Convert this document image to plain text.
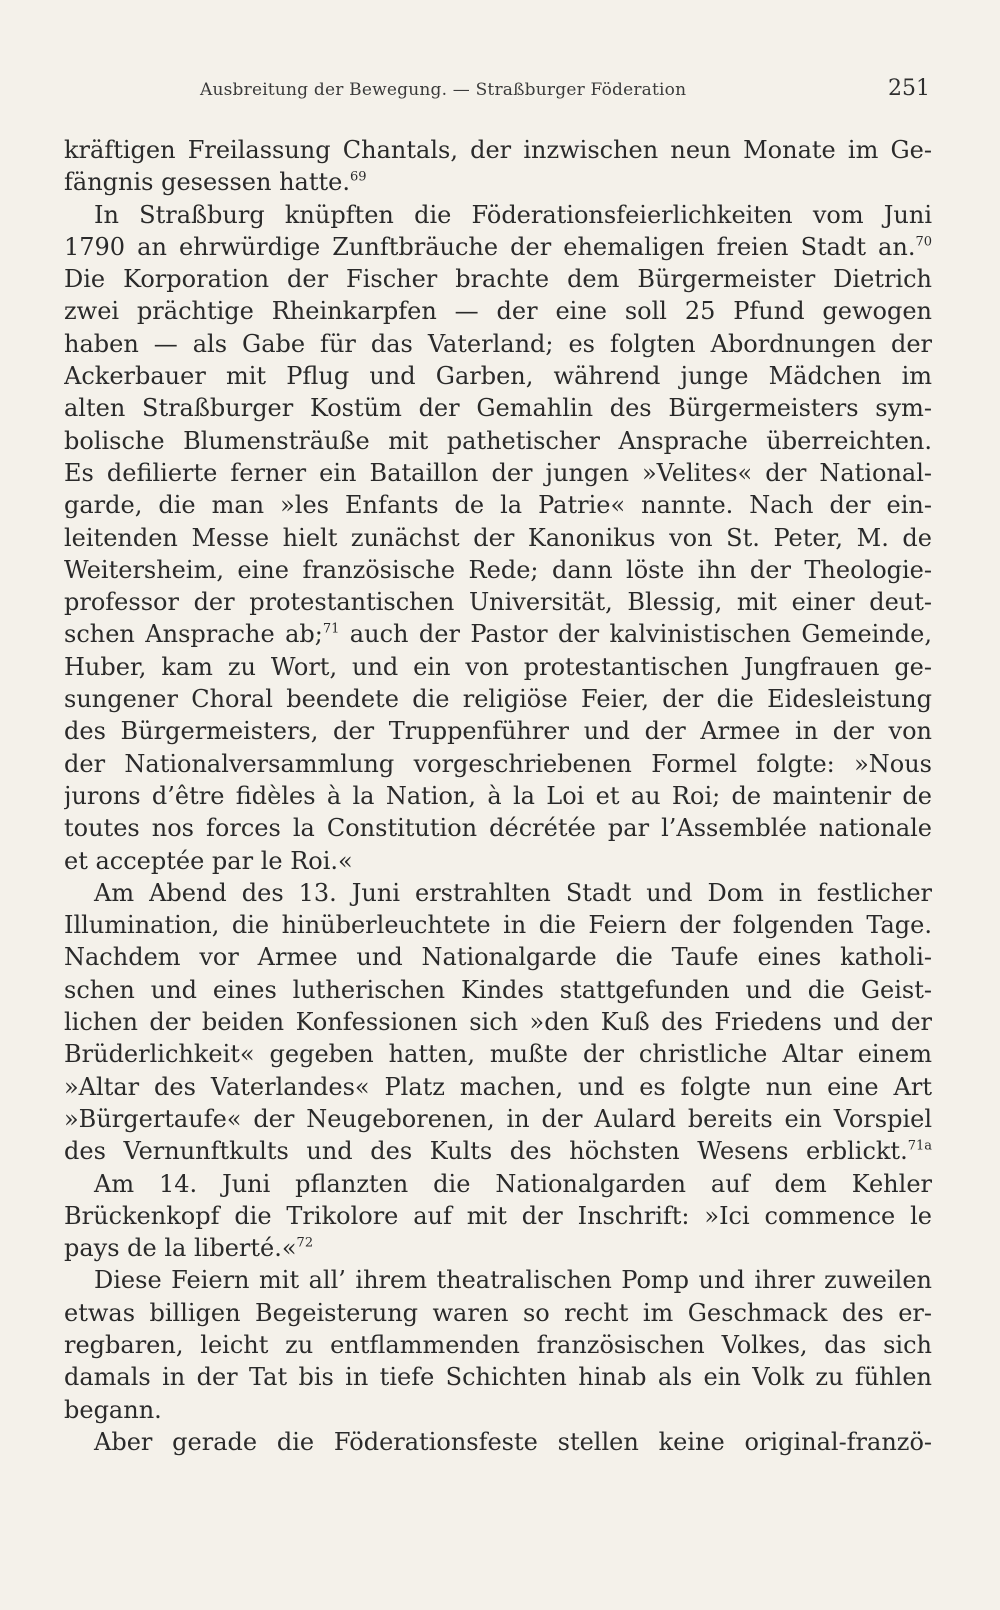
Ausbreitung der Bewegung. — Straßburger Föderation	251
kräftigen Freilassung Chantals, der inzwischen neun Monate im Ge-
fängnis gesessen hatte.$^{69}$
In Straßburg knüpften die Föderationsfeierlichkeiten vom Juni
1790 an ehrwürdige Zunftbräuche der ehemaligen freien Stadt an.$^{70}$
Die Korporation der Fischer brachte dem Bürgermeister Dietrich
zwei prächtige Rheinkarpfen — der eine soll 25 Pfund gewogen
haben — als Gabe für das Vaterland; es folgten Abordnungen der
Ackerbauer mit Pflug und Garben, während junge Mädchen im
alten Straßburger Kostüm der Gemahlin des Bürgermeisters sym-
bolische Blumensträuße mit pathetischer Ansprache überreichten.
Es defilierte ferner ein Bataillon der jungen »Velites« der National-
garde, die man »les Enfants de la Patrie« nannte. Nach der ein-
leitenden Messe hielt zunächst der Kanonikus von St. Peter, M. de
Weitersheim, eine französische Rede; dann löste ihn der Theologie-
professor der protestantischen Universität, Blessig, mit einer deut-
schen Ansprache ab;$^{71}$ auch der Pastor der kalvinistischen Gemeinde,
Huber, kam zu Wort, und ein von protestantischen Jungfrauen ge-
sungener Choral beendete die religiöse Feier, der die Eidesleistung
des Bürgermeisters, der Truppenführer und der Armee in der von
der Nationalversammlung vorgeschriebenen Formel folgte: »Nous
jurons d’être fidèles à la Nation, à la Loi et au Roi; de maintenir de
toutes nos forces la Constitution décrétée par l’Assemblée nationale
et acceptée par le Roi.«
Am Abend des 13. Juni erstrahlten Stadt und Dom in festlicher
Illumination, die hinüberleuchtete in die Feiern der folgenden Tage.
Nachdem vor Armee und Nationalgarde die Taufe eines katholi-
schen und eines lutherischen Kindes stattgefunden und die Geist-
lichen der beiden Konfessionen sich »den Kuß des Friedens und der
Brüderlichkeit« gegeben hatten, mußte der christliche Altar einem
»Altar des Vaterlandes« Platz machen, und es folgte nun eine Art
»Bürgertaufe« der Neugeborenen, in der Aulard bereits ein Vorspiel
des Vernunftkults und des Kults des höchsten Wesens erblickt.$^{71a}$
Am 14. Juni pflanzten die Nationalgarden auf dem Kehler
Brückenkopf die Trikolore auf mit der Inschrift: »Ici commence le
pays de la liberté.«$^{72}$
Diese Feiern mit all’ ihrem theatralischen Pomp und ihrer zuweilen
etwas billigen Begeisterung waren so recht im Geschmack des er-
regbaren, leicht zu entflammenden französischen Volkes, das sich
damals in der Tat bis in tiefe Schichten hinab als ein Volk zu fühlen
begann.
Aber gerade die Föderationsfeste stellen keine original-franzö-
